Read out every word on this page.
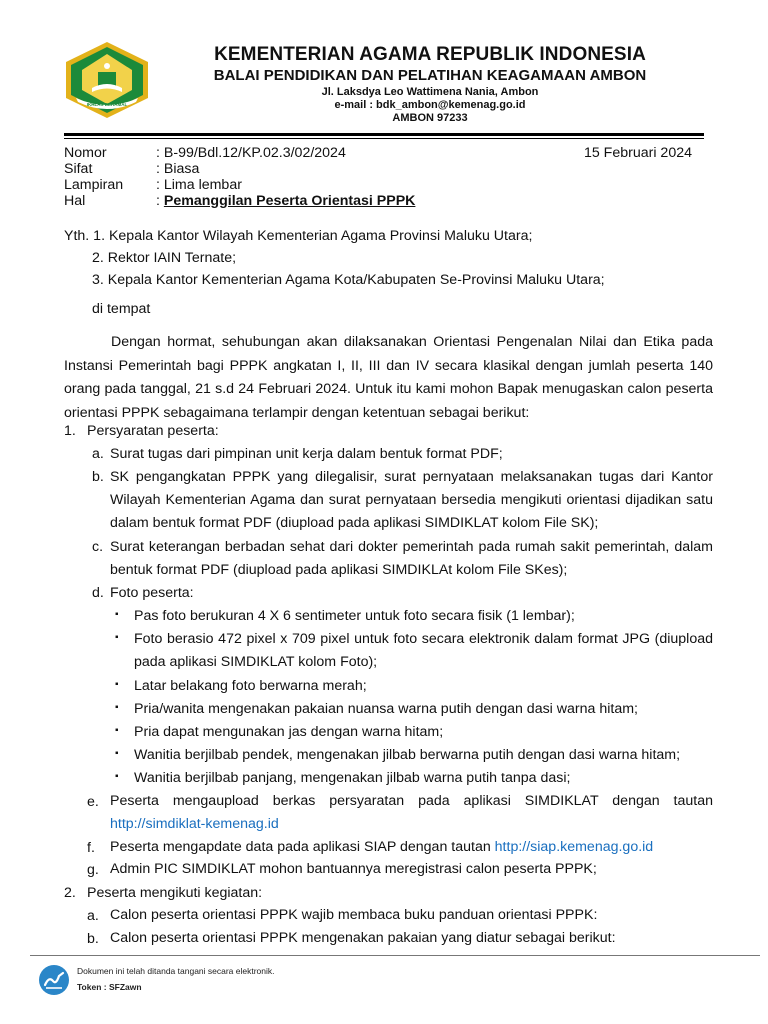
IKHLAS BERAMAL
KEMENTERIAN AGAMA REPUBLIK INDONESIA
BALAI PENDIDIKAN DAN PELATIHAN KEAGAMAAN AMBON
Jl. Laksdya Leo Wattimena Nania, Ambon
e-mail : bdk_ambon@kemenag.go.id
AMBON 97233
Nomor	: B-99/Bdl.12/KP.02.3/02/2024	15 Februari 2024
Sifat	: Biasa
Lampiran : Lima lembar
Hal	: Pemanggilan Peserta Orientasi PPPK
Yth. 1. Kepala Kantor Wilayah Kementerian Agama Provinsi Maluku Utara;
2. Rektor IAIN Ternate;
3. Kepala Kantor Kementerian Agama Kota/Kabupaten Se-Provinsi Maluku Utara;
di tempat
Dengan hormat, sehubungan akan dilaksanakan Orientasi Pengenalan Nilai dan Etika pada Instansi Pemerintah bagi PPPK angkatan I, II, III dan IV secara klasikal dengan jumlah peserta 140 orang pada tanggal, 21 s.d 24 Februari 2024. Untuk itu kami mohon Bapak menugaskan calon peserta orientasi PPPK sebagaimana terlampir dengan ketentuan sebagai berikut:
1. Persyaratan peserta:
a. Surat tugas dari pimpinan unit kerja dalam bentuk format PDF;
b. SK pengangkatan PPPK yang dilegalisir, surat pernyataan melaksanakan tugas dari Kantor Wilayah Kementerian Agama dan surat pernyataan bersedia mengikuti orientasi dijadikan satu dalam bentuk format PDF (diupload pada aplikasi SIMDIKLAT kolom File SK);
c. Surat keterangan berbadan sehat dari dokter pemerintah pada rumah sakit pemerintah, dalam bentuk format PDF (diupload pada aplikasi SIMDIKLAt kolom File SKes);
d. Foto peserta:
▪ Pas foto berukuran 4 X 6 sentimeter untuk foto secara fisik (1 lembar);
▪ Foto berasio 472 pixel x 709 pixel untuk foto secara elektronik dalam format JPG (diupload pada aplikasi SIMDIKLAT kolom Foto);
▪ Latar belakang foto berwarna merah;
▪ Pria/wanita mengenakan pakaian nuansa warna putih dengan dasi warna hitam;
▪ Pria dapat mengunakan jas dengan warna hitam;
▪ Wanitia berjilbab pendek, mengenakan jilbab berwarna putih dengan dasi warna hitam;
▪ Wanitia berjilbab panjang, mengenakan jilbab warna putih tanpa dasi;
e. Peserta mengaupload berkas persyaratan pada aplikasi SIMDIKLAT dengan tautan
http://simdiklat-kemenag.id
f. Peserta mengapdate data pada aplikasi SIAP dengan tautan http://siap.kemenag.go.id
g. Admin PIC SIMDIKLAT mohon bantuannya meregistrasi calon peserta PPPK;
2. Peserta mengikuti kegiatan:
a. Calon peserta orientasi PPPK wajib membaca buku panduan orientasi PPPK:
b. Calon peserta orientasi PPPK mengenakan pakaian yang diatur sebagai berikut:
Dokumen ini telah ditanda tangani secara elektronik.
Token : SFZawn
